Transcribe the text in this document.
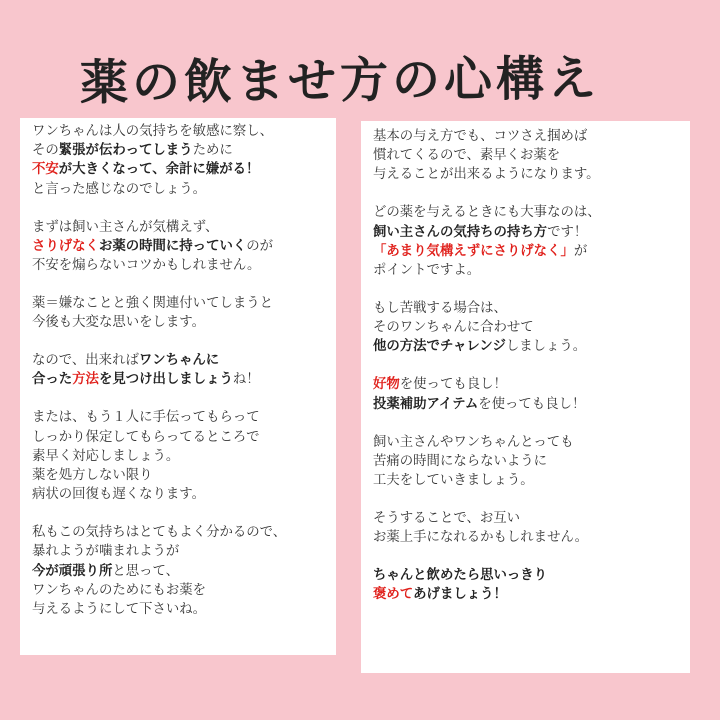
薬の飲ませ方の心構え
ワンちゃんは人の気持ちを敏感に察し、
その緊張が伝わってしまうために
不安が大きくなって、余計に嫌がる！
と言った感じなのでしょう。
まずは飼い主さんが気構えず、
さりげなくお薬の時間に持っていくのが
不安を煽らないコツかもしれません。
薬＝嫌なことと強く関連付いてしまうと
今後も大変な思いをします。
なので、出来ればワンちゃんに
合った方法を見つけ出しましょうね！
または、もう１人に手伝ってもらって
しっかり保定してもらってるところで
素早く対応しましょう。
薬を処方しない限り
病状の回復も遅くなります。
私もこの気持ちはとてもよく分かるので、
暴れようが噛まれようが
今が頑張り所と思って、
ワンちゃんのためにもお薬を
与えるようにして下さいね。
基本の与え方でも、コツさえ掴めば
慣れてくるので、素早くお薬を
与えることが出来るようになります。
どの薬を与えるときにも大事なのは、
飼い主さんの気持ちの持ち方です！
「あまり気構えずにさりげなく」が
ポイントですよ。
もし苦戦する場合は、
そのワンちゃんに合わせて
他の方法でチャレンジしましょう。
好物を使っても良し！
投薬補助アイテムを使っても良し！
飼い主さんやワンちゃんとっても
苦痛の時間にならないように
工夫をしていきましょう。
そうすることで、お互い
お薬上手になれるかもしれません。
ちゃんと飲めたら思いっきり
褒めてあげましょう！
